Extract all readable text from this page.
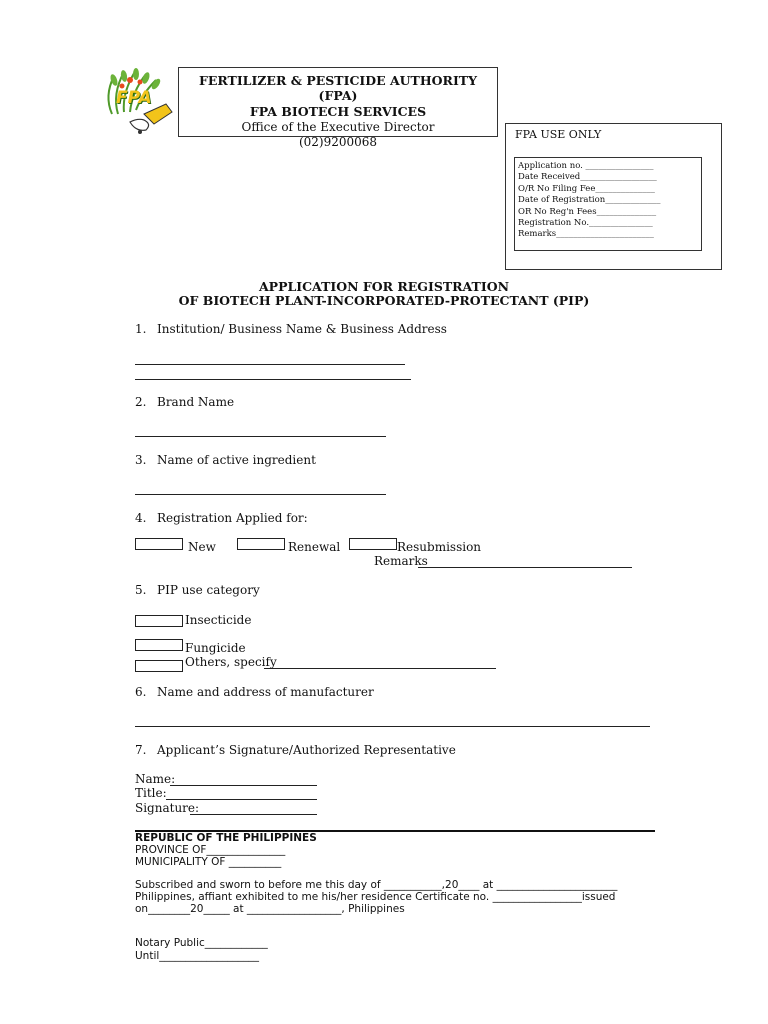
FPA
FERTILIZER & PESTICIDE AUTHORITY (FPA)
FPA BIOTECH SERVICES
Office of the Executive Director
(02)9200068
FPA USE ONLY
Application no. ________________
Date Received__________________
O/R No Filing Fee______________
Date of Registration_____________
OR No Reg'n Fees______________
Registration No._______________
Remarks_______________________
APPLICATION FOR REGISTRATION
OF BIOTECH PLANT-INCORPORATED-PROTECTANT (PIP)
1. Institution/ Business Name & Business Address
2. Brand Name
3. Name of active ingredient
4. Registration Applied for:
New	Renewal	Resubmission
Remarks
5. PIP use category
Insecticide
Fungicide
Others, specify
6. Name and address of manufacturer
7. Applicant’s Signature/Authorized Representative
Name:
Title:
Signature:
REPUBLIC OF THE PHILIPPINES
PROVINCE OF_______________
MUNICIPALITY OF __________
Subscribed and sworn to before me this day of ___________,20____ at _______________________
Philippines, affiant exhibited to me his/her residence Certificate no. _________________issued
on________20_____ at __________________, Philippines
Notary Public____________
Until___________________
